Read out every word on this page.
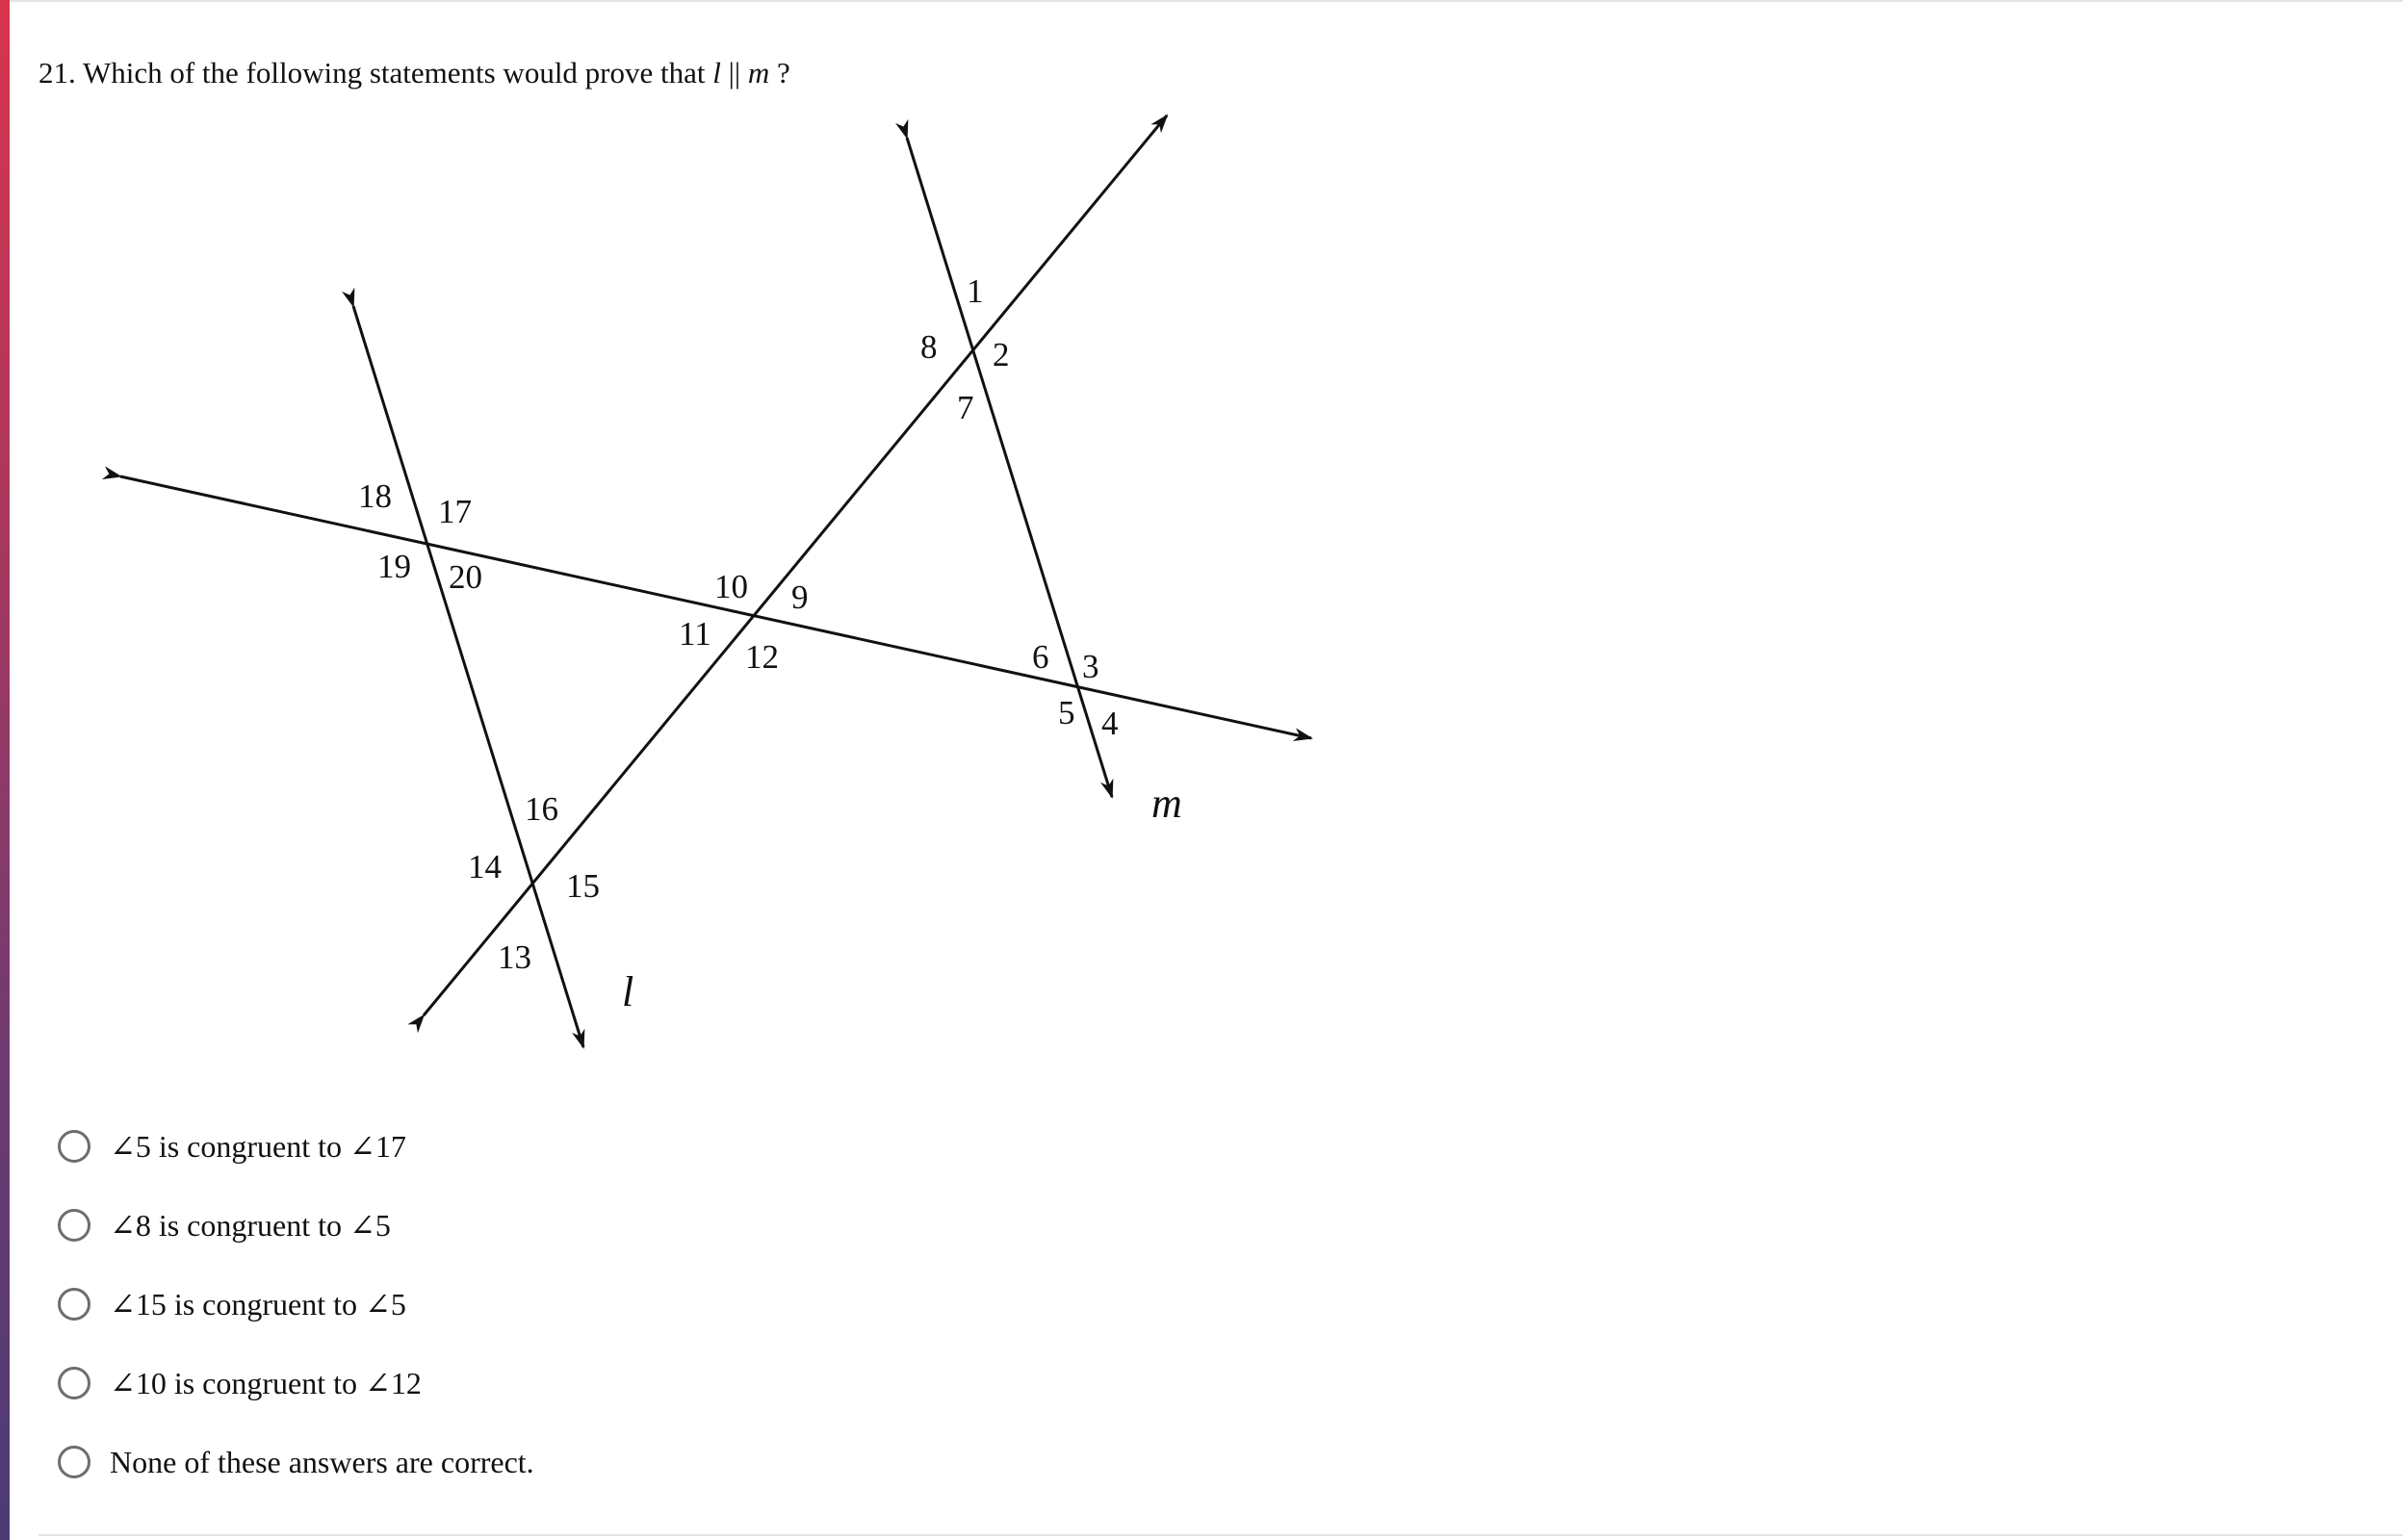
21. Which of the following statements would prove that l || m ?
1
2
3
4
5
6
7
8
9
10
11
12
13
14
15
16
17
18
19 20
l
m
∠5 is congruent to ∠17
∠8 is congruent to ∠5
∠15 is congruent to ∠5
∠10 is congruent to ∠12
None of these answers are correct.
